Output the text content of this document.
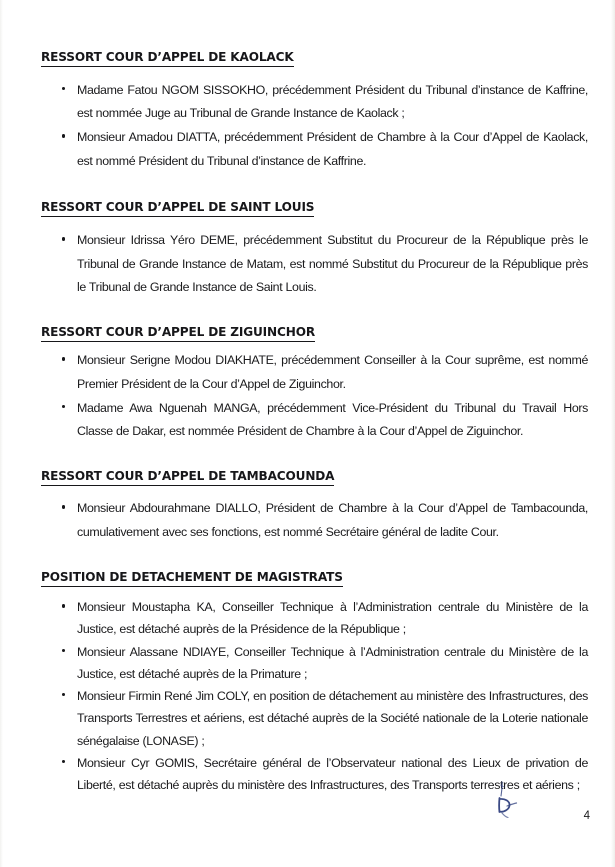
RESSORT COUR D’APPEL DE KAOLACK
Madame Fatou NGOM SISSOKHO, précédemment Président du Tribunal d’instance de Kaffrine, est nommée Juge au Tribunal de Grande Instance de Kaolack ;
Monsieur Amadou DIATTA, précédemment Président de Chambre à la Cour d’Appel de Kaolack, est nommé Président du Tribunal d’instance de Kaffrine.
RESSORT COUR D’APPEL DE SAINT LOUIS
Monsieur Idrissa Yéro DEME, précédemment Substitut du Procureur de la République près le Tribunal de Grande Instance de Matam, est nommé Substitut du Procureur de la République près le Tribunal de Grande Instance de Saint Louis.
RESSORT COUR D’APPEL DE ZIGUINCHOR
Monsieur Serigne Modou DIAKHATE, précédemment Conseiller à la Cour suprême, est nommé Premier Président de la Cour d’Appel de Ziguinchor.
Madame Awa Nguenah MANGA, précédemment Vice-Président du Tribunal du Travail Hors Classe de Dakar, est nommée Président de Chambre à la Cour d’Appel de Ziguinchor.
RESSORT COUR D’APPEL DE TAMBACOUNDA
Monsieur Abdourahmane DIALLO, Président de Chambre à la Cour d’Appel de Tambacounda, cumulativement avec ses fonctions, est nommé Secrétaire général de ladite Cour.
POSITION DE DETACHEMENT DE MAGISTRATS
Monsieur Moustapha KA, Conseiller Technique à l’Administration centrale du Ministère de la Justice, est détaché auprès de la Présidence de la République ;
Monsieur Alassane NDIAYE, Conseiller Technique à l’Administration centrale du Ministère de la Justice, est détaché auprès de la Primature ;
Monsieur Firmin René Jim COLY, en position de détachement au ministère des Infrastructures, des Transports Terrestres et aériens, est détaché auprès de la Société nationale de la Loterie nationale sénégalaise (LONASE) ;
Monsieur Cyr GOMIS, Secrétaire général de l’Observateur national des Lieux de privation de Liberté, est détaché auprès du ministère des Infrastructures, des Transports terrestres et aériens ;
4
